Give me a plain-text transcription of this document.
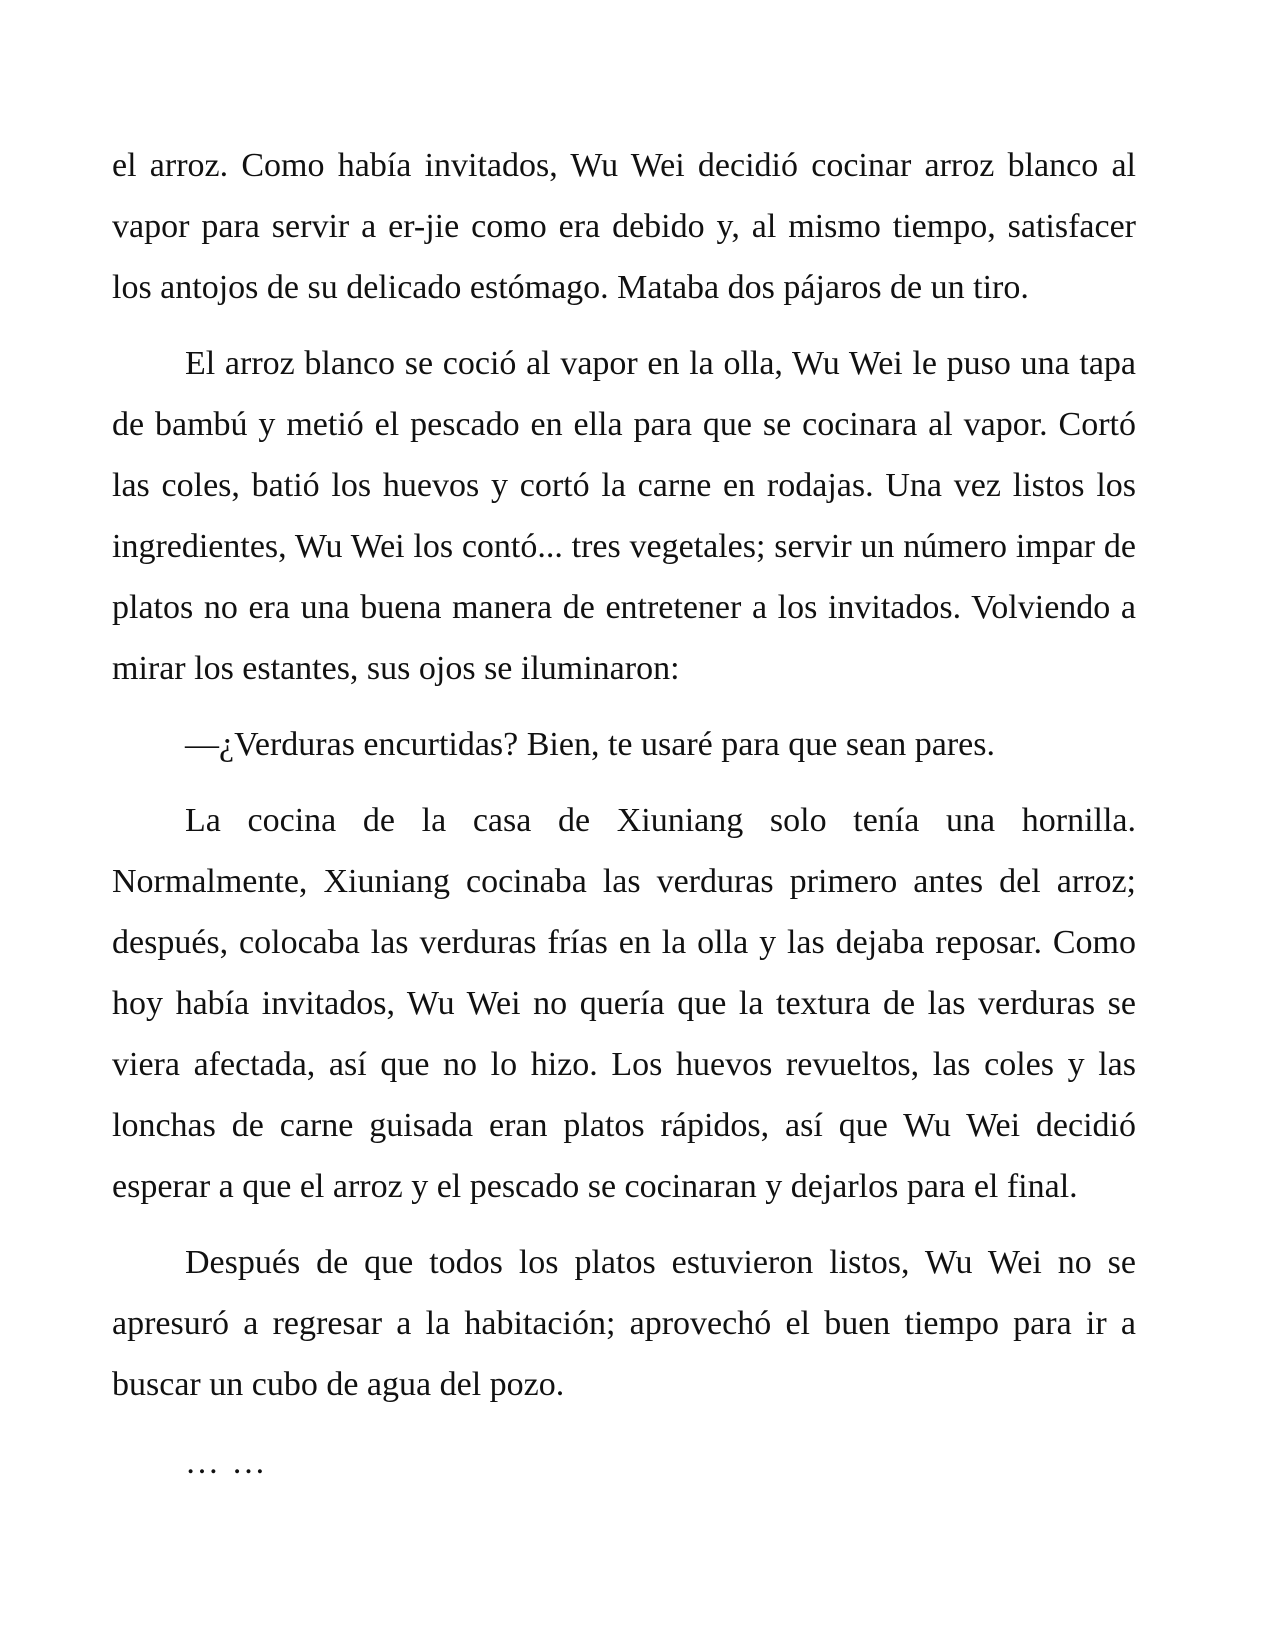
el arroz. Como había invitados, Wu Wei decidió cocinar arroz blanco al vapor para servir a er-jie como era debido y, al mismo tiempo, satisfacer los antojos de su delicado estómago. Mataba dos pájaros de un tiro.

El arroz blanco se coció al vapor en la olla, Wu Wei le puso una tapa de bambú y metió el pescado en ella para que se cocinara al vapor. Cortó las coles, batió los huevos y cortó la carne en rodajas. Una vez listos los ingredientes, Wu Wei los contó... tres vegetales; servir un número impar de platos no era una buena manera de entretener a los invitados. Volviendo a mirar los estantes, sus ojos se iluminaron:

—¿Verduras encurtidas? Bien, te usaré para que sean pares.

La cocina de la casa de Xiuniang solo tenía una hornilla. Normalmente, Xiuniang cocinaba las verduras primero antes del arroz; después, colocaba las verduras frías en la olla y las dejaba reposar. Como hoy había invitados, Wu Wei no quería que la textura de las verduras se viera afectada, así que no lo hizo. Los huevos revueltos, las coles y las lonchas de carne guisada eran platos rápidos, así que Wu Wei decidió esperar a que el arroz y el pescado se cocinaran y dejarlos para el final.

Después de que todos los platos estuvieron listos, Wu Wei no se apresuró a regresar a la habitación; aprovechó el buen tiempo para ir a buscar un cubo de agua del pozo.

… …
